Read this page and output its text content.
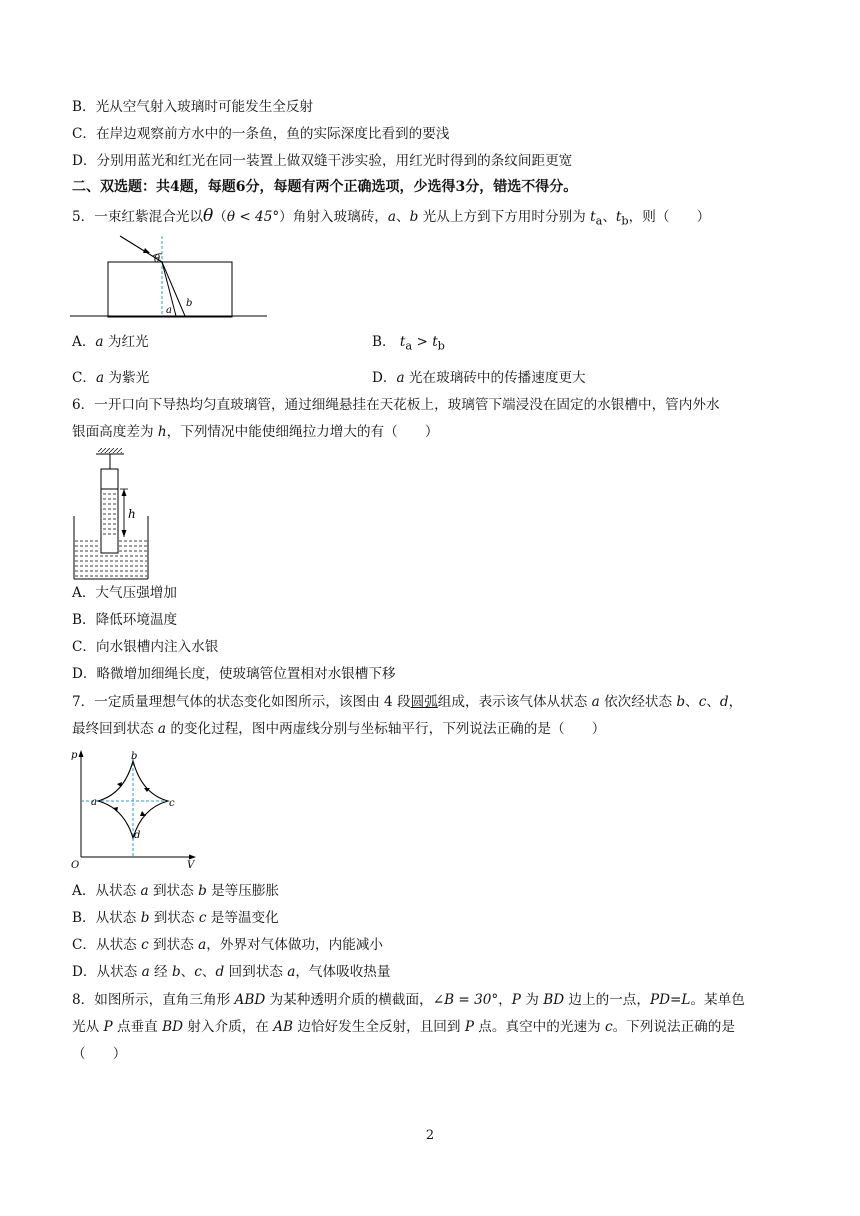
B．光从空气射入玻璃时可能发生全反射
C．在岸边观察前方水中的一条鱼，鱼的实际深度比看到的要浅
D．分别用蓝光和红光在同一装置上做双缝干涉实验，用红光时得到的条纹间距更宽
二、双选题：共4题，每题6分，每题有两个正确选项，少选得3分，错选不得分。
5．一束红紫混合光以θ（θ < 45°）角射入玻璃砖，a、b 光从上方到下方用时分别为 $t_a$、$t_b$，则（　　）
θ
a
b
A．a 为红光	B． $t_a > t_b$
C．a 为紫光	D．a 光在玻璃砖中的传播速度更大
6．一开口向下导热均匀直玻璃管，通过细绳悬挂在天花板上，玻璃管下端浸没在固定的水银槽中，管内外水
银面高度差为 h，下列情况中能使细绳拉力增大的有（　　）
h
A．大气压强增加
B．降低环境温度
C．向水银槽内注入水银
D．略微增加细绳长度，使玻璃管位置相对水银槽下移
7．一定质量理想气体的状态变化如图所示，该图由 4 段圆弧组成，表示该气体从状态 a 依次经状态 b、c、d，
最终回到状态 a 的变化过程，图中两虚线分别与坐标轴平行，下列说法正确的是（　　）
p
V
O
a
b
c
d
A．从状态 a 到状态 b 是等压膨胀
B．从状态 b 到状态 c 是等温变化
C．从状态 c 到状态 a，外界对气体做功，内能减小
D．从状态 a 经 b、c、d 回到状态 a，气体吸收热量
8．如图所示，直角三角形 ABD 为某种透明介质的横截面，∠B = 30°，P 为 BD 边上的一点，PD=L。某单色
光从 P 点垂直 BD 射入介质，在 AB 边恰好发生全反射，且回到 P 点。真空中的光速为 c。下列说法正确的是
（　　）
2
